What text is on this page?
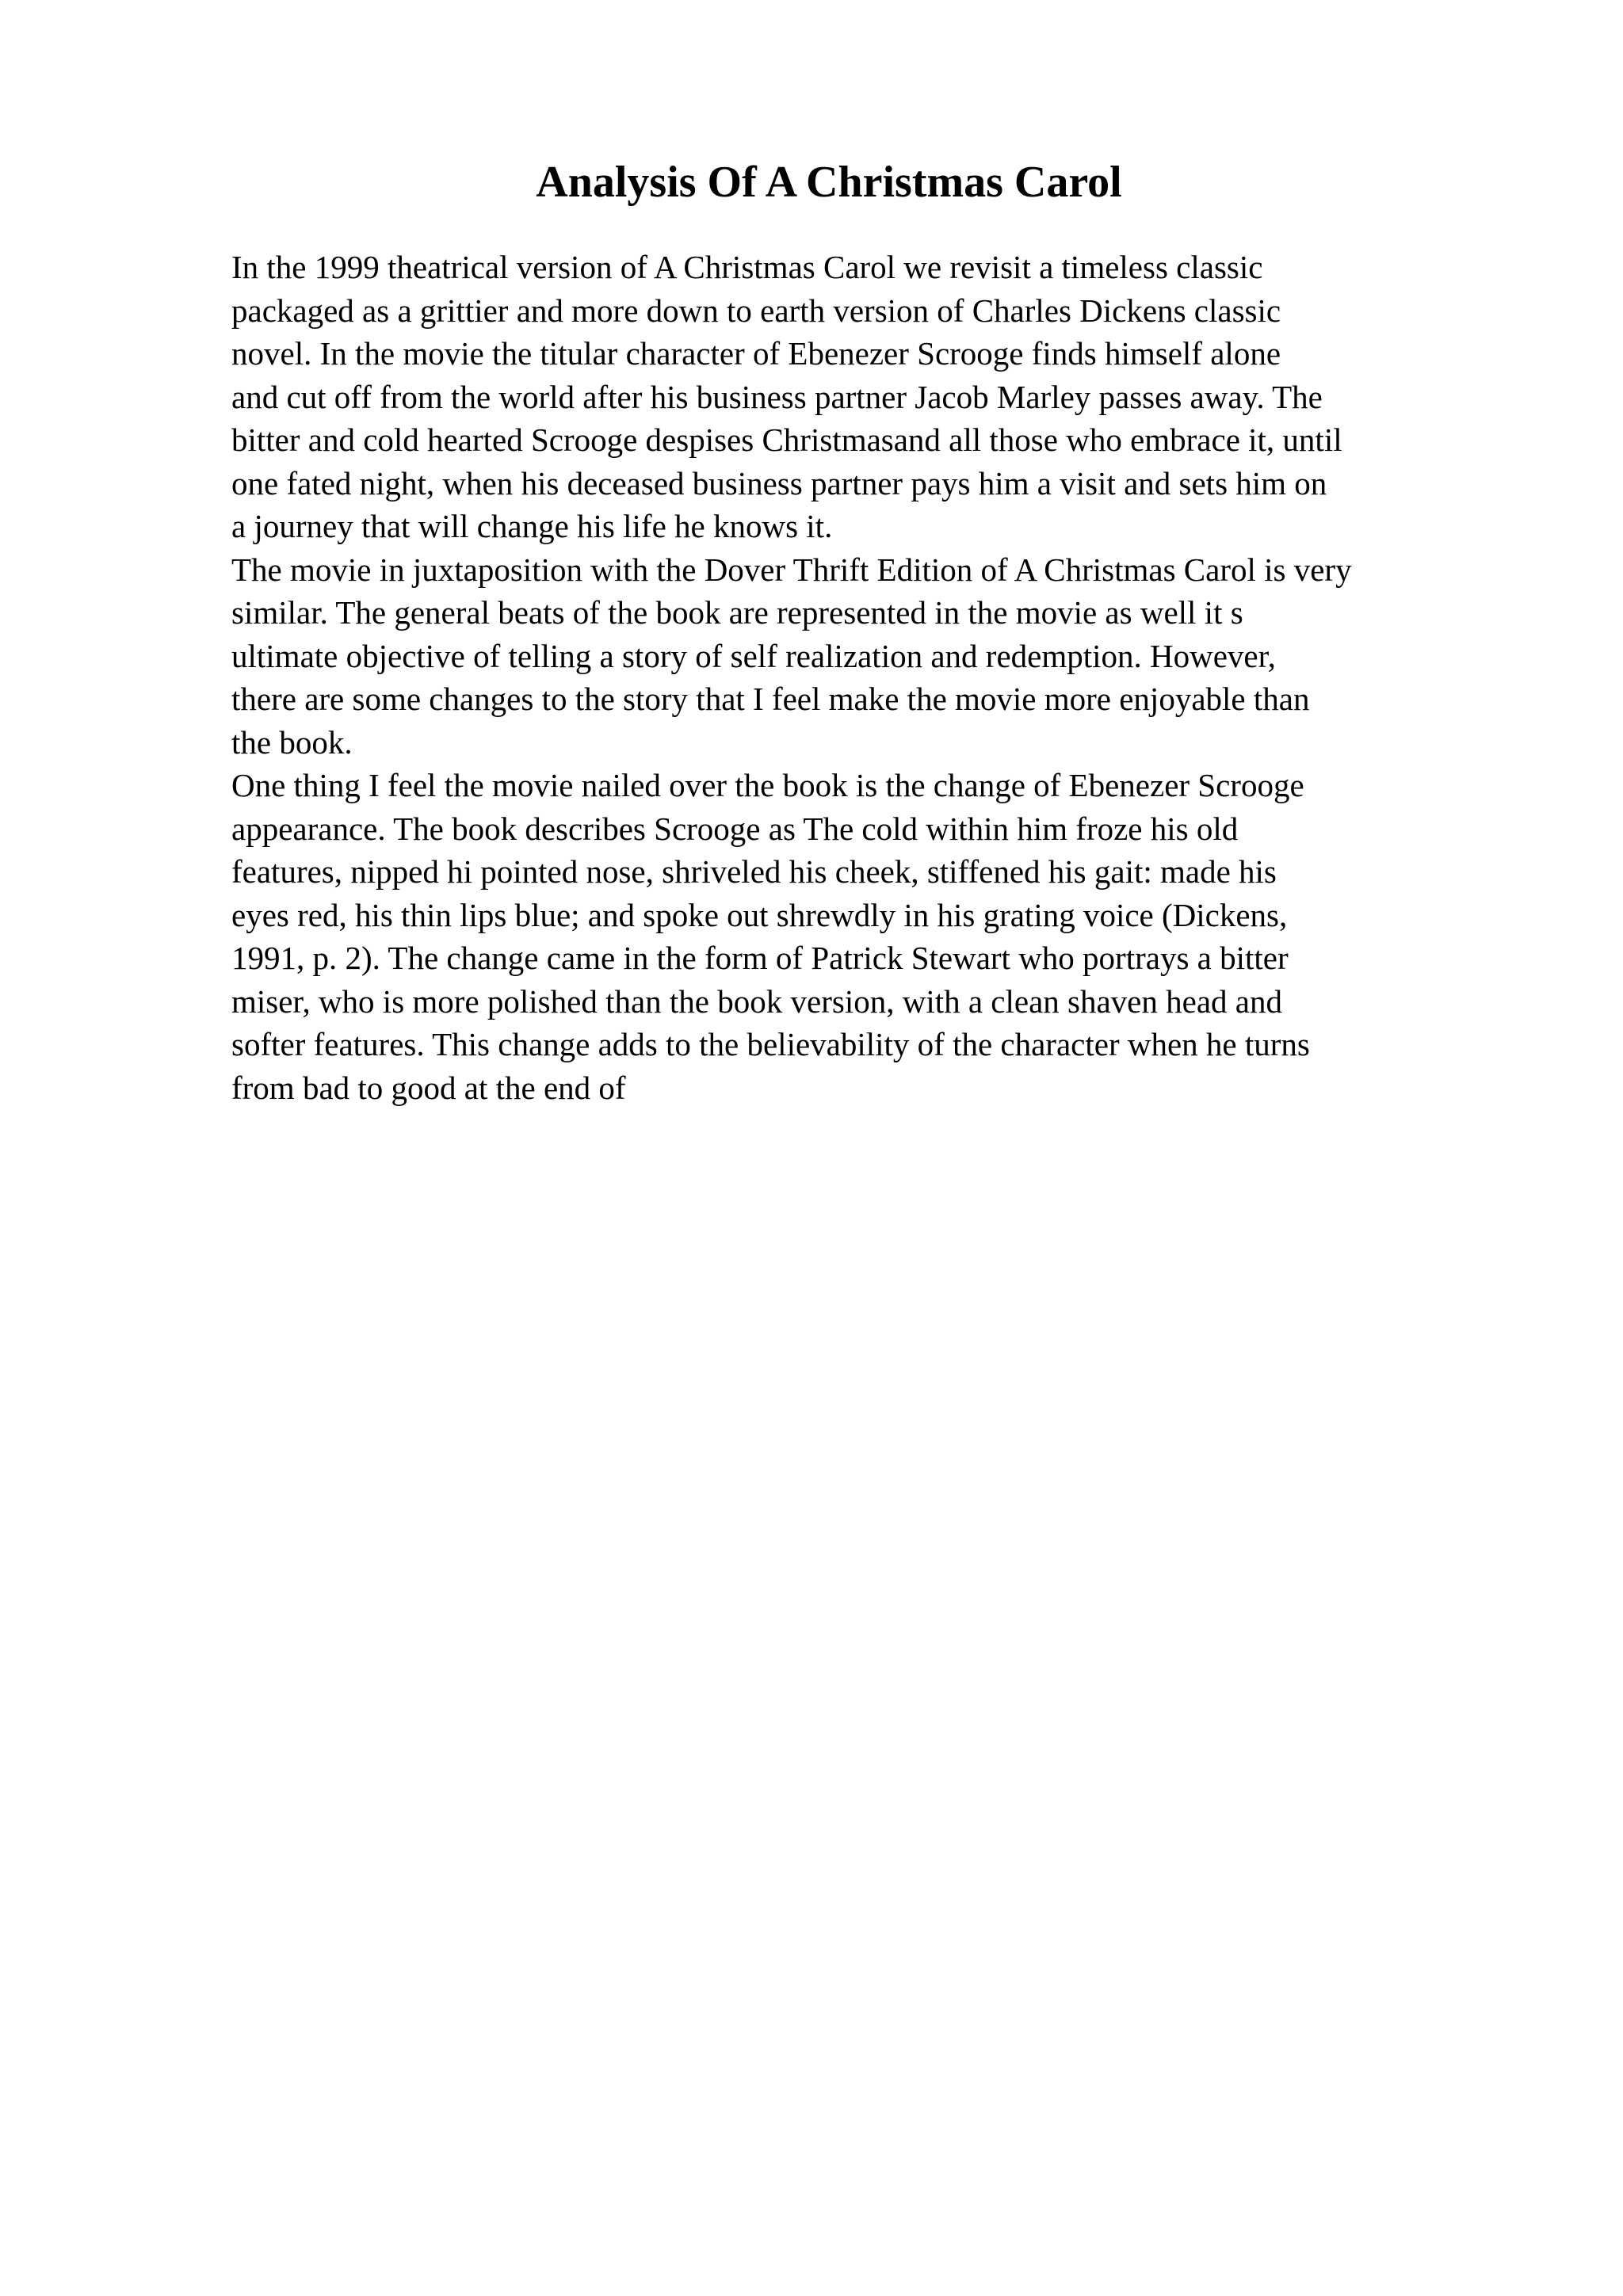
Analysis Of A Christmas Carol
In the 1999 theatrical version of A Christmas Carol we revisit a timeless classic
packaged as a grittier and more down to earth version of Charles Dickens classic
novel. In the movie the titular character of Ebenezer Scrooge finds himself alone
and cut off from the world after his business partner Jacob Marley passes away. The
bitter and cold hearted Scrooge despises Christmasand all those who embrace it, until
one fated night, when his deceased business partner pays him a visit and sets him on
a journey that will change his life he knows it.
The movie in juxtaposition with the Dover Thrift Edition of A Christmas Carol is very
similar. The general beats of the book are represented in the movie as well it s
ultimate objective of telling a story of self realization and redemption. However,
there are some changes to the story that I feel make the movie more enjoyable than
the book.
One thing I feel the movie nailed over the book is the change of Ebenezer Scrooge
appearance. The book describes Scrooge as The cold within him froze his old
features, nipped hi pointed nose, shriveled his cheek, stiffened his gait: made his
eyes red, his thin lips blue; and spoke out shrewdly in his grating voice (Dickens,
1991, p. 2). The change came in the form of Patrick Stewart who portrays a bitter
miser, who is more polished than the book version, with a clean shaven head and
softer features. This change adds to the believability of the character when he turns
from bad to good at the end of
